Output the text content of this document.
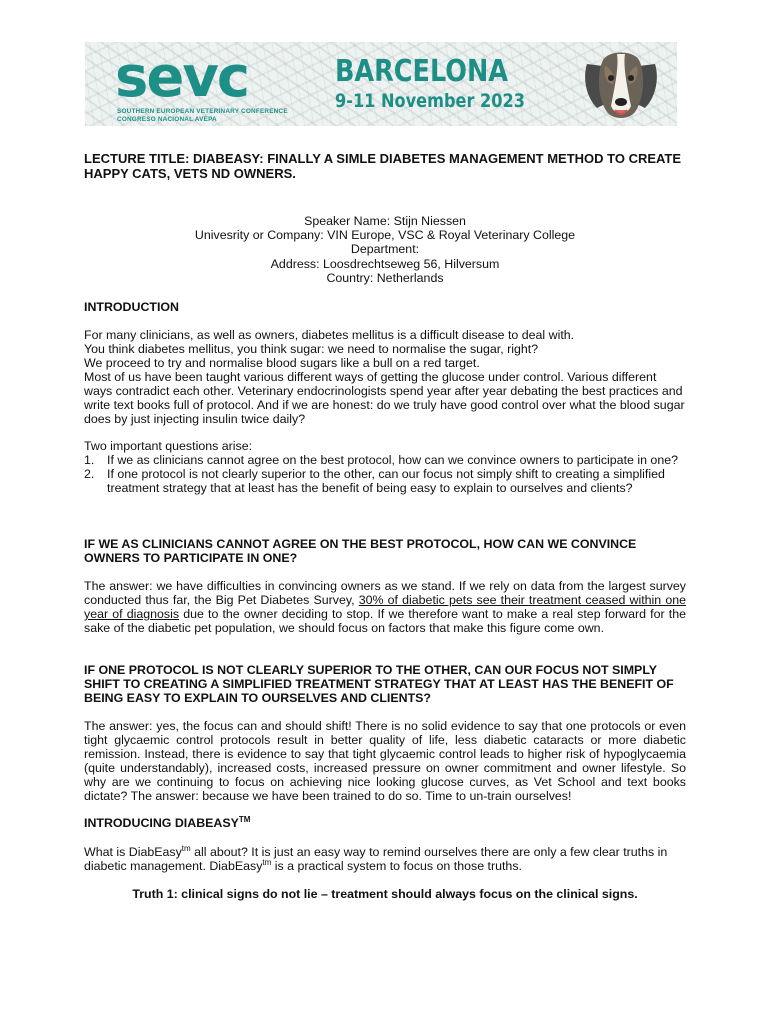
sevc
SOUTHERN EUROPEAN VETERINARY CONFERENCE
CONGRESO NACIONAL AVEPA
BARCELONA
9-11 November 2023
LECTURE TITLE: DIABEASY: FINALLY A SIMLE DIABETES MANAGEMENT METHOD TO CREATE HAPPY CATS, VETS ND OWNERS.
Speaker Name: Stijn Niessen
Univesrity or Company: VIN Europe, VSC & Royal Veterinary College
Department:
Address: Loosdrechtseweg 56, Hilversum
Country: Netherlands
INTRODUCTION
For many clinicians, as well as owners, diabetes mellitus is a difficult disease to deal with.
You think diabetes mellitus, you think sugar: we need to normalise the sugar, right?
We proceed to try and normalise blood sugars like a bull on a red target.
Most of us have been taught various different ways of getting the glucose under control. Various different ways contradict each other. Veterinary endocrinologists spend year after year debating the best practices and write text books full of protocol. And if we are honest: do we truly have good control over what the blood sugar does by just injecting insulin twice daily?
Two important questions arise:
1. If we as clinicians cannot agree on the best protocol, how can we convince owners to participate in one?
2. If one protocol is not clearly superior to the other, can our focus not simply shift to creating a simplified treatment strategy that at least has the benefit of being easy to explain to ourselves and clients?
IF WE AS CLINICIANS CANNOT AGREE ON THE BEST PROTOCOL, HOW CAN WE CONVINCE OWNERS TO PARTICIPATE IN ONE?
The answer: we have difficulties in convincing owners as we stand. If we rely on data from the largest survey conducted thus far, the Big Pet Diabetes Survey, 30% of diabetic pets see their treatment ceased within one year of diagnosis due to the owner deciding to stop. If we therefore want to make a real step forward for the sake of the diabetic pet population, we should focus on factors that make this figure come own.
IF ONE PROTOCOL IS NOT CLEARLY SUPERIOR TO THE OTHER, CAN OUR FOCUS NOT SIMPLY SHIFT TO CREATING A SIMPLIFIED TREATMENT STRATEGY THAT AT LEAST HAS THE BENEFIT OF BEING EASY TO EXPLAIN TO OURSELVES AND CLIENTS?
The answer: yes, the focus can and should shift! There is no solid evidence to say that one protocols or even tight glycaemic control protocols result in better quality of life, less diabetic cataracts or more diabetic remission. Instead, there is evidence to say that tight glycaemic control leads to higher risk of hypoglycaemia (quite understandably), increased costs, increased pressure on owner commitment and owner lifestyle. So why are we continuing to focus on achieving nice looking glucose curves, as Vet School and text books dictate? The answer: because we have been trained to do so. Time to un-train ourselves!
INTRODUCING DIABEASY™
What is DiabEasy$^{tm}$ all about? It is just an easy way to remind ourselves there are only a few clear truths in diabetic management. DiabEasy$^{tm}$ is a practical system to focus on those truths.
Truth 1: clinical signs do not lie – treatment should always focus on the clinical signs.
